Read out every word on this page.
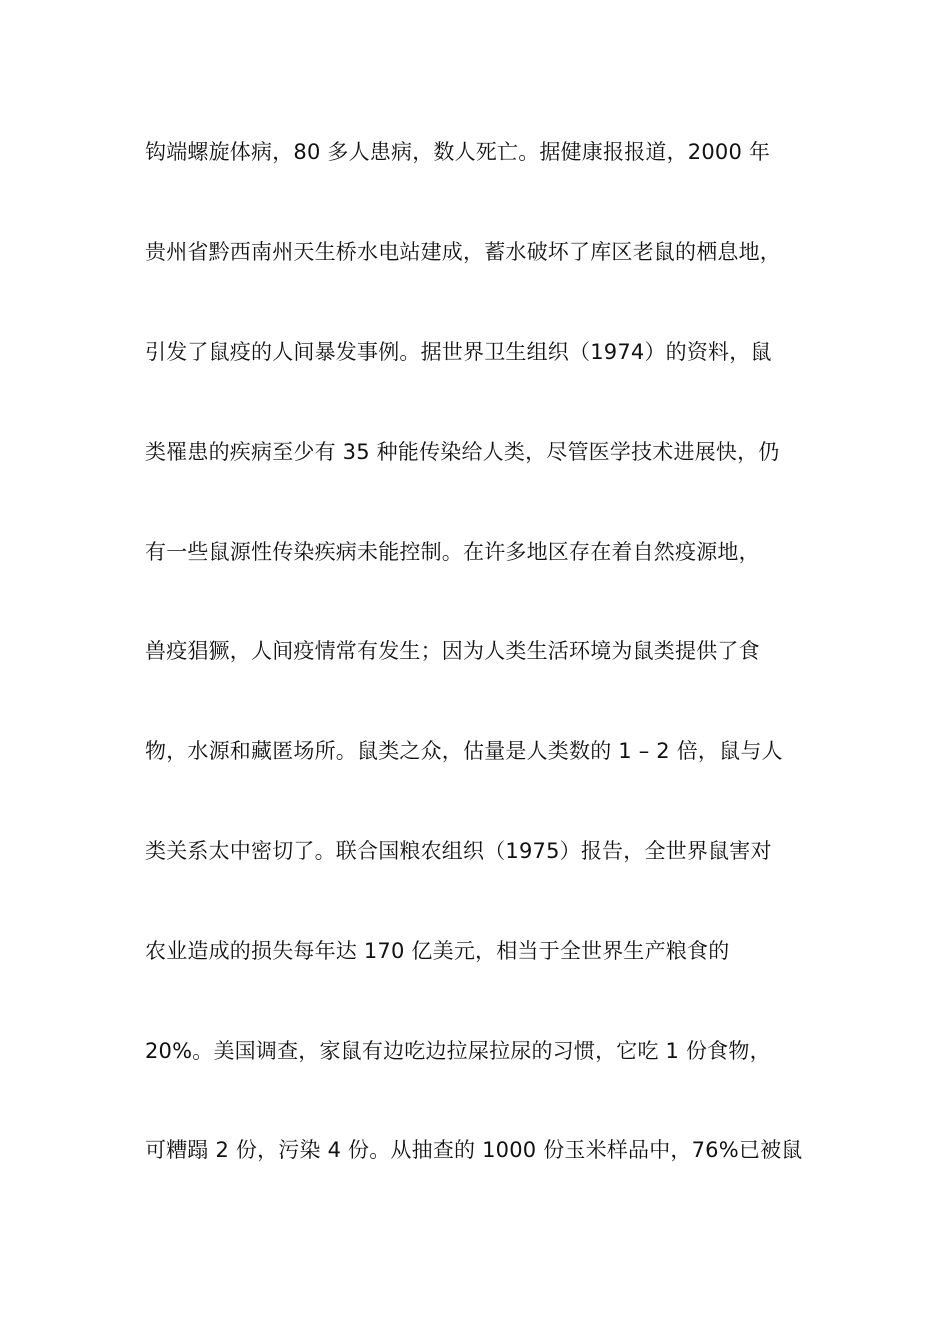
钩端螺旋体病，80 多人患病，数人死亡。据健康报报道，2000 年
贵州省黔西南州天生桥水电站建成，蓄水破坏了库区老鼠的栖息地，
引发了鼠疫的人间暴发事例。据世界卫生组织（1974）的资料，鼠
类罹患的疾病至少有 35 种能传染给人类，尽管医学技术进展快，仍
有一些鼠源性传染疾病未能控制。在许多地区存在着自然疫源地，
兽疫猖獗，人间疫情常有发生；因为人类生活环境为鼠类提供了食
物，水源和藏匿场所。鼠类之众，估量是人类数的 1 – 2 倍，鼠与人
类关系太中密切了。联合国粮农组织（1975）报告，全世界鼠害对
农业造成的损失每年达 170 亿美元，相当于全世界生产粮食的
20%。美国调查，家鼠有边吃边拉屎拉尿的习惯，它吃 1 份食物，
可糟蹋 2 份，污染 4 份。从抽查的 1000 份玉米样品中，76%已被鼠
